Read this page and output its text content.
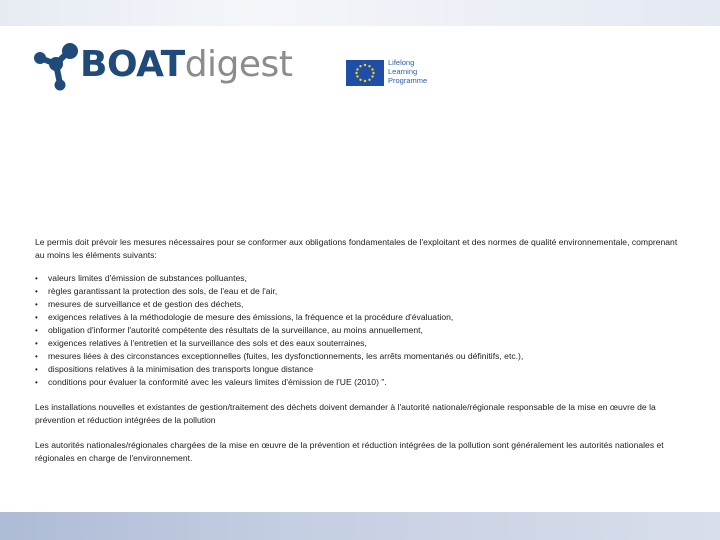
BOATdigest	Lifelong
Learning
Programme

Le permis doit prévoir les mesures nécessaires pour se conformer aux obligations fondamentales de l'exploitant et des normes de qualité environnementale, comprenant au moins les éléments suivants:

• valeurs limites d'émission de substances polluantes,
• règles garantissant la protection des sols, de l'eau et de l'air,
• mesures de surveillance et de gestion des déchets,
• exigences relatives à la méthodologie de mesure des émissions, la fréquence et la procédure d'évaluation,
• obligation d'informer l'autorité compétente des résultats de la surveillance, au moins annuellement,
• exigences relatives à l'entretien et la surveillance des sols et des eaux souterraines,
• mesures liées à des circonstances exceptionnelles (fuites, les dysfonctionnements, les arrêts momentanés ou définitifs, etc.),
• dispositions relatives à la minimisation des transports longue distance
• conditions pour évaluer la conformité avec les valeurs limites d'émission de l'UE (2010) ".

Les installations nouvelles et existantes de gestion/traitement des déchets doivent demander à l'autorité nationale/régionale responsable de la mise en œuvre de la prévention et réduction intégrées de la pollution

Les autorités nationales/régionales chargées de la mise en œuvre de la prévention et réduction intégrées de la pollution sont généralement les autorités nationales et régionales en charge de l'environnement.
